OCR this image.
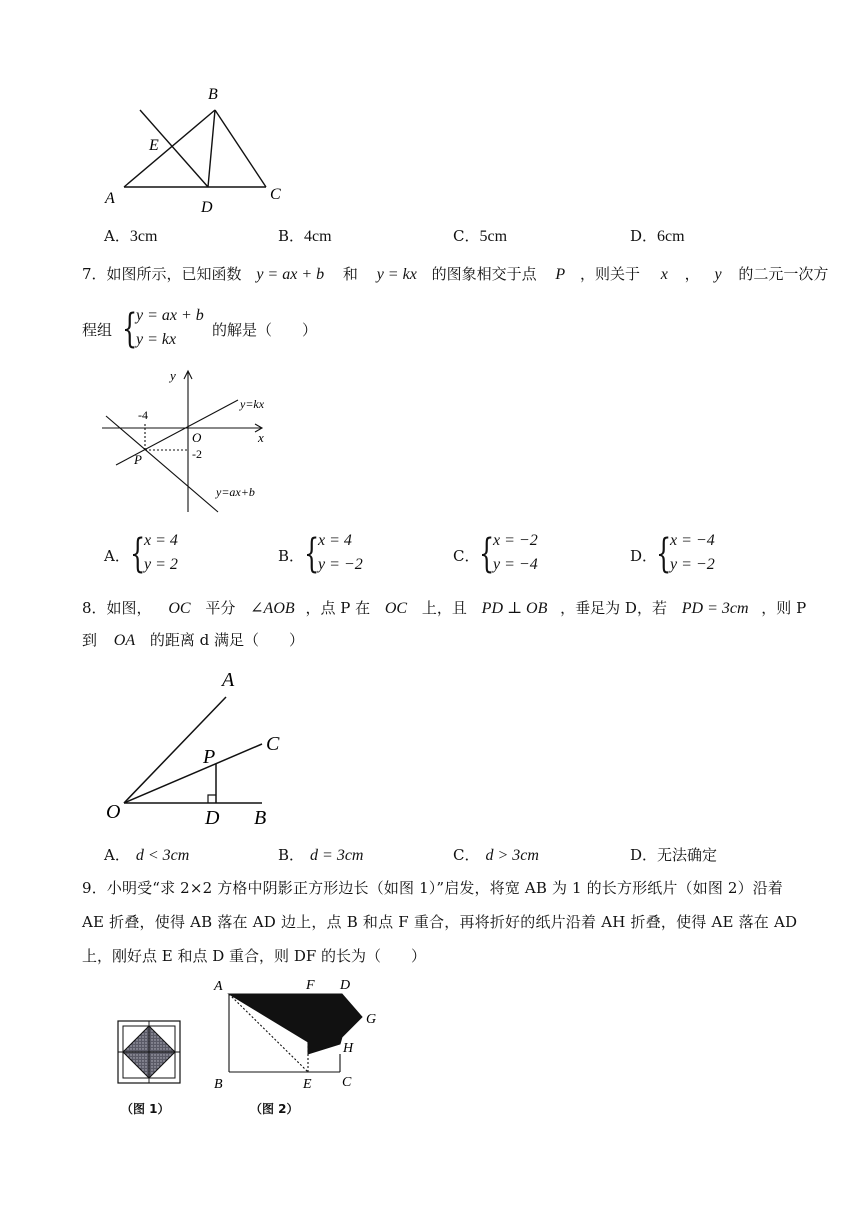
B
E
A
D
C
A．3cm	B．4cm	C．5cm	D．6cm
7．如图所示，已知函数 y = ax + b 和 y = kx 的图象相交于点 P ，则关于 x ， y 的二元一次方
程组 {
y = ax + b
y = kx
的解是（　　）
y
x
O
-4
-2
P
y=kx
y=ax+b
A． {
x = 4
y = 2	B． {
x = 4
y = −2	C． {
x = −2
y = −4	D．
{
x = −4
y = −2
8．如图， OC 平分 ∠AOB ，点 P 在 OC 上，且 PD ⊥ OB ，垂足为 D，若 PD = 3cm ，则 P
到 OA 的距离 d 满足（　　）
A
C
P
O	D B
A． d < 3cm	B． d = 3cm	C． d > 3cm	D．无法确定
9．小明受“求 2×2 方格中阴影正方形边长（如图 1）”启发，将宽 AB 为 1 的长方形纸片（如图 2）沿着
AE 折叠，使得 AB 落在 AD 边上，点 B 和点 F 重合，再将折好的纸片沿着 AH 折叠，使得 AE 落在 AD
上，刚好点 E 和点 D 重合，则 DF 的长为（　　）
（图 1）
A	F D
G
H
B	E C
（图 2）
